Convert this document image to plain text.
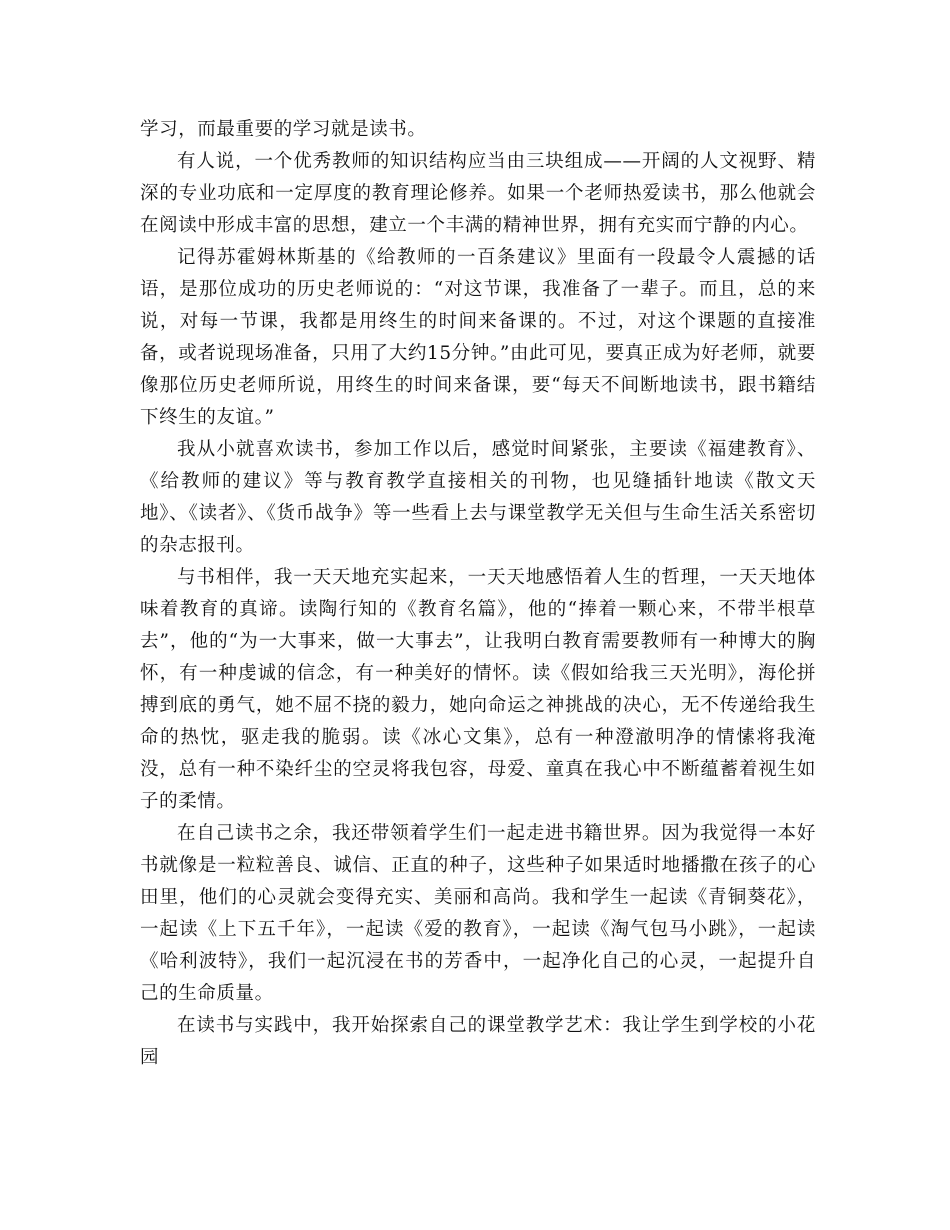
学习，而最重要的学习就是读书。

有人说，一个优秀教师的知识结构应当由三块组成——开阔的人文视野、精深的专业功底和一定厚度的教育理论修养。如果一个老师热爱读书，那么他就会在阅读中形成丰富的思想，建立一个丰满的精神世界，拥有充实而宁静的内心。

记得苏霍姆林斯基的《给教师的一百条建议》里面有一段最令人震撼的话语，是那位成功的历史老师说的：“对这节课，我准备了一辈子。而且，总的来说，对每一节课，我都是用终生的时间来备课的。不过，对这个课题的直接准备，或者说现场准备，只用了大约15分钟。”由此可见，要真正成为好老师，就要像那位历史老师所说，用终生的时间来备课，要“每天不间断地读书，跟书籍结下终生的友谊。”

我从小就喜欢读书，参加工作以后，感觉时间紧张，主要读《福建教育》、《给教师的建议》等与教育教学直接相关的刊物，也见缝插针地读《散文天地》、《读者》、《货币战争》等一些看上去与课堂教学无关但与生命生活关系密切的杂志报刊。

与书相伴，我一天天地充实起来，一天天地感悟着人生的哲理，一天天地体味着教育的真谛。读陶行知的《教育名篇》，他的“捧着一颗心来，不带半根草去”，他的“为一大事来，做一大事去”，让我明白教育需要教师有一种博大的胸怀，有一种虔诚的信念，有一种美好的情怀。读《假如给我三天光明》，海伦拼搏到底的勇气，她不屈不挠的毅力，她向命运之神挑战的决心，无不传递给我生命的热忱，驱走我的脆弱。读《冰心文集》，总有一种澄澈明净的情愫将我淹没，总有一种不染纤尘的空灵将我包容，母爱、童真在我心中不断蕴蓄着视生如子的柔情。

在自己读书之余，我还带领着学生们一起走进书籍世界。因为我觉得一本好书就像是一粒粒善良、诚信、正直的种子，这些种子如果适时地播撒在孩子的心田里，他们的心灵就会变得充实、美丽和高尚。我和学生一起读《青铜葵花》，一起读《上下五千年》，一起读《爱的教育》，一起读《淘气包马小跳》，一起读《哈利波特》，我们一起沉浸在书的芳香中，一起净化自己的心灵，一起提升自己的生命质量。

在读书与实践中，我开始探索自己的课堂教学艺术：我让学生到学校的小花园
